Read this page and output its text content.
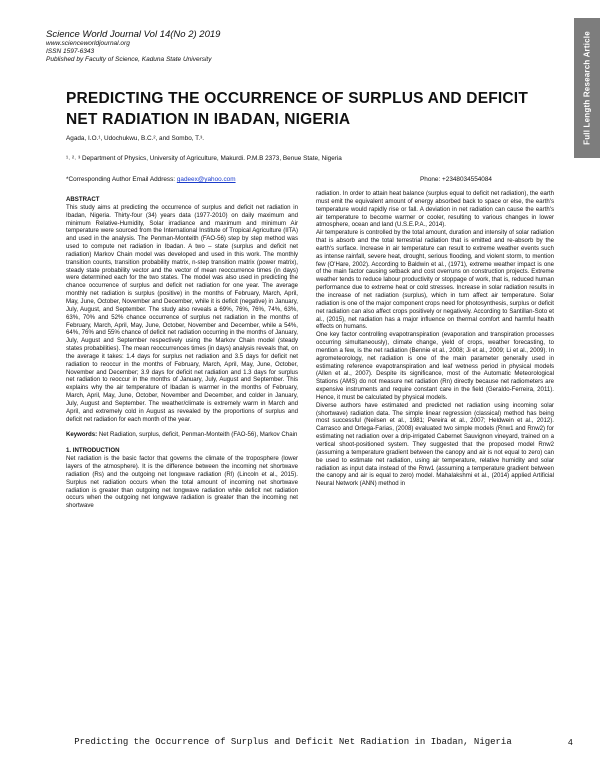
Science World Journal Vol 14(No 2) 2019
www.scienceworldjournal.org
ISSN 1597-6343
Published by Faculty of Science, Kaduna State University	Full Length Research Article
PREDICTING THE OCCURRENCE OF SURPLUS AND DEFICIT NET RADIATION IN IBADAN, NIGERIA
Agada, I.O.¹, Udochukwu, B.C.², and Sombo, T.³.
¹˒ ²˒ ³ Department of Physics, University of Agriculture, Makurdi. P.M.B 2373, Benue State, Nigeria
*Corresponding Author Email Address: gadeex@yahoo.com	Phone: +2348034554084

ABSTRACT

This study aims at predicting the occurrence of surplus and deficit net radiation in Ibadan, Nigeria. Thirty-four (34) years data (1977-2010) on daily maximum and minimum Relative-Humidity, Solar irradiance and maximum and minimum Air temperature were sourced from the International Institute of Tropical Agriculture (IITA) and used in the analysis. The Penman-Monteith (FAO-56) step by step method was used to compute net radiation in Ibadan. A two – state (surplus and deficit net radiation) Markov Chain model was developed and used in this work. The monthly transition counts, transition probability matrix, n-step transition matrix (power matrix), steady state probability vector and the vector of mean reoccurrence times (in days) were determined each for the two states. The model was also used in predicting the chance occurrence of surplus and deficit net radiation for one year. The average monthly net radiation is surplus (positive) in the months of February, March, April, May, June, October, November and December, while it is deficit (negative) in January, July, August, and September. The study also reveals a 69%, 76%, 76%, 74%, 63%, 63%, 70% and 52% chance occurrence of surplus net radiation in the months of February, March, April, May, June, October, November and December, while a 54%, 64%, 76% and 55% chance of deficit net radiation occurring in the months of January, July, August and September respectively using the Markov Chain model (steady states probabilities). The mean reoccurrences times (in days) analysis reveals that, on the average it takes: 1.4 days for surplus net radiation and 3.5 days for deficit net radiation to reoccur in the months of February, March, April, May, June, October, November and December; 3.9 days for deficit net radiation and 1.3 days for surplus net radiation to reoccur in the months of January, July, August and September. This explains why the air temperature of Ibadan is warmer in the months of February, March, April, May, June, October, November and December, and colder in January, July, August and September. The weather/climate is extremely warm in March and April, and extremely cold in August as revealed by the proportions of surplus and deficit net radiation for each month of the year.

Keywords: Net Radiation, surplus, deficit, Penman-Monteith (FAO-56), Markov Chain

1. INTRODUCTION

Net radiation is the basic factor that governs the climate of the troposphere (lower layers of the atmosphere). It is the difference between the incoming net shortwave radiation (Rs) and the outgoing net longwave radiation (Rl) (Lincoln et al., 2015). Surplus net radiation occurs when the total amount of incoming net shortwave radiation is greater than outgoing net longwave radiation while deficit net radiation occurs when the outgoing net longwave radiation is greater than the incoming net shortwave

radiation. In order to attain heat balance (surplus equal to deficit net radiation), the earth must emit the equivalent amount of energy absorbed back to space or else, the earth's temperature would rapidly rise or fall. A deviation in net radiation can cause the earth's air temperature to become warmer or cooler, resulting to various changes in lower atmosphere, ocean and land (U.S.E.P.A., 2014).

Air temperature is controlled by the total amount, duration and intensity of solar radiation that is absorb and the total terrestrial radiation that is emitted and re-absorb by the earth's surface. Increase in air temperature can result to extreme weather events such as intense rainfall, severe heat, drought, serious flooding, and violent storm, to mention few (O'Hare, 2002). According to Baldwin et al., (1971), extreme weather impact is one of the main factor causing setback and cost overruns on construction projects. Extreme weather tends to reduce labour productivity or stoppage of work, that is, reduced human performance due to extreme heat or cold stresses. Increase in solar radiation results in the increase of net radiation (surplus), which in turn affect air temperature. Solar radiation is one of the major component crops need for photosynthesis, surplus or deficit net radiation can also affect crops positively or negatively. According to Santillan-Soto et al., (2015), net radiation has a major influence on thermal comfort and harmful health effects on humans.

One key factor controlling evapotranspiration (evaporation and transpiration processes occurring simultaneously), climate change, yield of crops, weather forecasting, to mention a few, is the net radiation (Bennie et al., 2008; Ji et al., 2009; Li et al., 2009). In agrometeorology, net radiation is one of the main parameter generally used in estimating reference evapotranspiration and leaf wetness period in physical models (Allen et al., 2007). Despite its significance, most of the Automatic Meteorological Stations (AMS) do not measure net radiation (Rn) directly because net radiometers are expensive instruments and require constant care in the field (Geraldo-Ferreira, 2011). Hence, it must be calculated by physical models.

Diverse authors have estimated and predicted net radiation using incoming solar (shortwave) radiation data. The simple linear regression (classical) method has being most successful (Neilsen et al., 1981; Pereira et al., 2007; Heldwein et al., 2012). Carrasco and Ortega-Farias, (2008) evaluated two simple models (Rnw1 and Rnw2) for estimating net radiation over a drip-irrigated Cabernet Sauvignon vineyard, trained on a vertical shoot-positioned system. They suggested that the proposed model Rnw2 (assuming a temperature gradient between the canopy and air is not equal to zero) can be used to estimate net radiation, using air temperature, relative humidity and solar radiation as input data instead of the Rnw1 (assuming a temperature gradient between the canopy and air is equal to zero) model. Mahalakshmi et al., (2014) applied Artificial Neural Network (ANN) method in

Predicting the Occurrence of Surplus and Deficit Net Radiation in Ibadan, Nigeria	4
